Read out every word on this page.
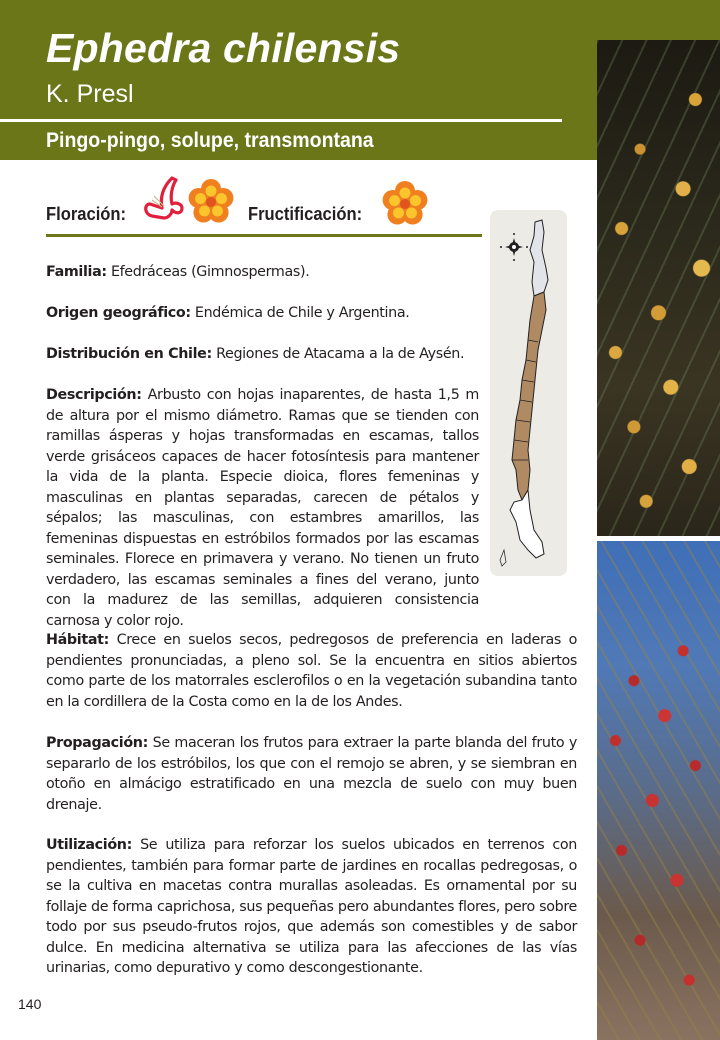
Ephedra chilensis
K. Presl
Pingo-pingo, solupe, transmontana
Floración:	Fructificación:

Familia: Efedráceas (Gimnospermas).

Origen geográfico: Endémica de Chile y Argentina.

Distribución en Chile: Regiones de Atacama a la de Aysén.

Descripción: Arbusto con hojas inaparentes, de hasta 1,5 m de altura por el mismo diámetro. Ramas que se tienden con ramillas ásperas y hojas transformadas en escamas, tallos verde grisáceos capaces de hacer fotosíntesis para mantener la vida de la planta. Especie dioica, flores femeninas y masculinas en plantas separadas, carecen de pétalos y sépalos; las masculinas, con estambres amarillos, las femeninas dispuestas en estróbilos formados por las escamas seminales. Florece en primavera y verano. No tienen un fruto verdadero, las escamas seminales a fines del verano, junto con la madurez de las semillas, adquieren consistencia carnosa y color rojo.

Hábitat: Crece en suelos secos, pedregosos de preferencia en laderas o pendientes pronunciadas, a pleno sol. Se la encuentra en sitios abiertos como parte de los matorrales esclerofilos o en la vegetación subandina tanto en la cordillera de la Costa como en la de los Andes.

Propagación: Se maceran los frutos para extraer la parte blanda del fruto y separarlo de los estróbilos, los que con el remojo se abren, y se siembran en otoño en almácigo estratificado en una mezcla de suelo con muy buen drenaje.

Utilización: Se utiliza para reforzar los suelos ubicados en terrenos con pendientes, también para formar parte de jardines en rocallas pedregosas, o se la cultiva en macetas contra murallas asoleadas. Es ornamental por su follaje de forma caprichosa, sus pequeñas pero abundantes flores, pero sobre todo por sus pseudo-frutos rojos, que además son comestibles y de sabor dulce. En medicina alternativa se utiliza para las afecciones de las vías urinarias, como depurativo y como descongestionante.

140
